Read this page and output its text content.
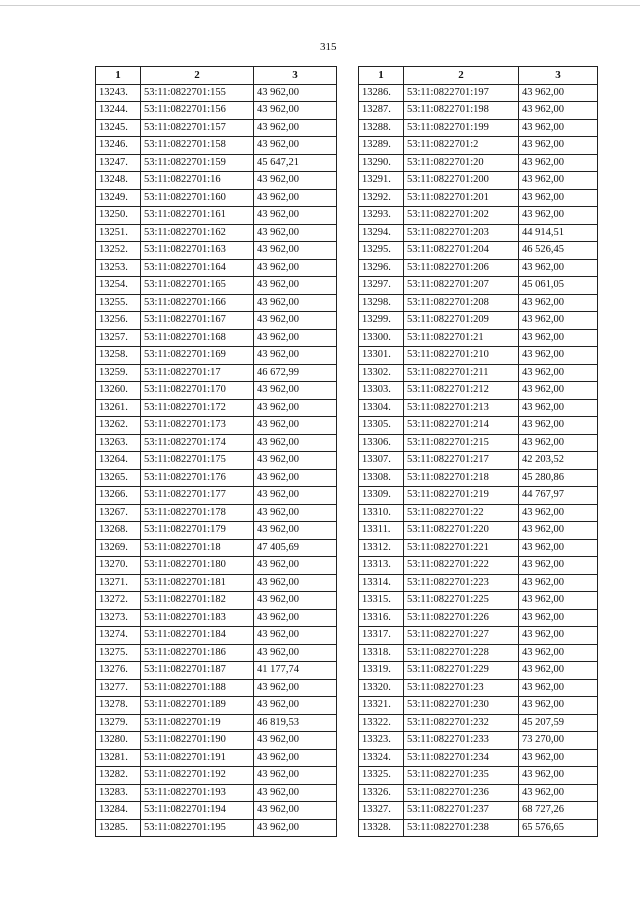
315
1	2	3
13243.	53:11:0822701:155	43 962,00
13244.	53:11:0822701:156	43 962,00
13245.	53:11:0822701:157	43 962,00
13246.	53:11:0822701:158	43 962,00
13247.	53:11:0822701:159	45 647,21
13248.	53:11:0822701:16	43 962,00
13249.	53:11:0822701:160	43 962,00
13250.	53:11:0822701:161	43 962,00
13251.	53:11:0822701:162	43 962,00
13252.	53:11:0822701:163	43 962,00
13253.	53:11:0822701:164	43 962,00
13254.	53:11:0822701:165	43 962,00
13255.	53:11:0822701:166	43 962,00
13256.	53:11:0822701:167	43 962,00
13257.	53:11:0822701:168	43 962,00
13258.	53:11:0822701:169	43 962,00
13259.	53:11:0822701:17	46 672,99
13260.	53:11:0822701:170	43 962,00
13261.	53:11:0822701:172	43 962,00
13262.	53:11:0822701:173	43 962,00
13263.	53:11:0822701:174	43 962,00
13264.	53:11:0822701:175	43 962,00
13265.	53:11:0822701:176	43 962,00
13266.	53:11:0822701:177	43 962,00
13267.	53:11:0822701:178	43 962,00
13268.	53:11:0822701:179	43 962,00
13269.	53:11:0822701:18	47 405,69
13270.	53:11:0822701:180	43 962,00
13271.	53:11:0822701:181	43 962,00
13272.	53:11:0822701:182	43 962,00
13273.	53:11:0822701:183	43 962,00
13274.	53:11:0822701:184	43 962,00
13275.	53:11:0822701:186	43 962,00
13276.	53:11:0822701:187	41 177,74
13277.	53:11:0822701:188	43 962,00
13278.	53:11:0822701:189	43 962,00
13279.	53:11:0822701:19	46 819,53
13280.	53:11:0822701:190	43 962,00
13281.	53:11:0822701:191	43 962,00
13282.	53:11:0822701:192	43 962,00
13283.	53:11:0822701:193	43 962,00
13284.	53:11:0822701:194	43 962,00
13285.	53:11:0822701:195	43 962,00
1	2	3
13286.	53:11:0822701:197	43 962,00
13287.	53:11:0822701:198	43 962,00
13288.	53:11:0822701:199	43 962,00
13289.	53:11:0822701:2	43 962,00
13290.	53:11:0822701:20	43 962,00
13291.	53:11:0822701:200	43 962,00
13292.	53:11:0822701:201	43 962,00
13293.	53:11:0822701:202	43 962,00
13294.	53:11:0822701:203	44 914,51
13295.	53:11:0822701:204	46 526,45
13296.	53:11:0822701:206	43 962,00
13297.	53:11:0822701:207	45 061,05
13298.	53:11:0822701:208	43 962,00
13299.	53:11:0822701:209	43 962,00
13300.	53:11:0822701:21	43 962,00
13301.	53:11:0822701:210	43 962,00
13302.	53:11:0822701:211	43 962,00
13303.	53:11:0822701:212	43 962,00
13304.	53:11:0822701:213	43 962,00
13305.	53:11:0822701:214	43 962,00
13306.	53:11:0822701:215	43 962,00
13307.	53:11:0822701:217	42 203,52
13308.	53:11:0822701:218	45 280,86
13309.	53:11:0822701:219	44 767,97
13310.	53:11:0822701:22	43 962,00
13311.	53:11:0822701:220	43 962,00
13312.	53:11:0822701:221	43 962,00
13313.	53:11:0822701:222	43 962,00
13314.	53:11:0822701:223	43 962,00
13315.	53:11:0822701:225	43 962,00
13316.	53:11:0822701:226	43 962,00
13317.	53:11:0822701:227	43 962,00
13318.	53:11:0822701:228	43 962,00
13319.	53:11:0822701:229	43 962,00
13320.	53:11:0822701:23	43 962,00
13321.	53:11:0822701:230	43 962,00
13322.	53:11:0822701:232	45 207,59
13323.	53:11:0822701:233	73 270,00
13324.	53:11:0822701:234	43 962,00
13325.	53:11:0822701:235	43 962,00
13326.	53:11:0822701:236	43 962,00
13327.	53:11:0822701:237	68 727,26
13328.	53:11:0822701:238	65 576,65
